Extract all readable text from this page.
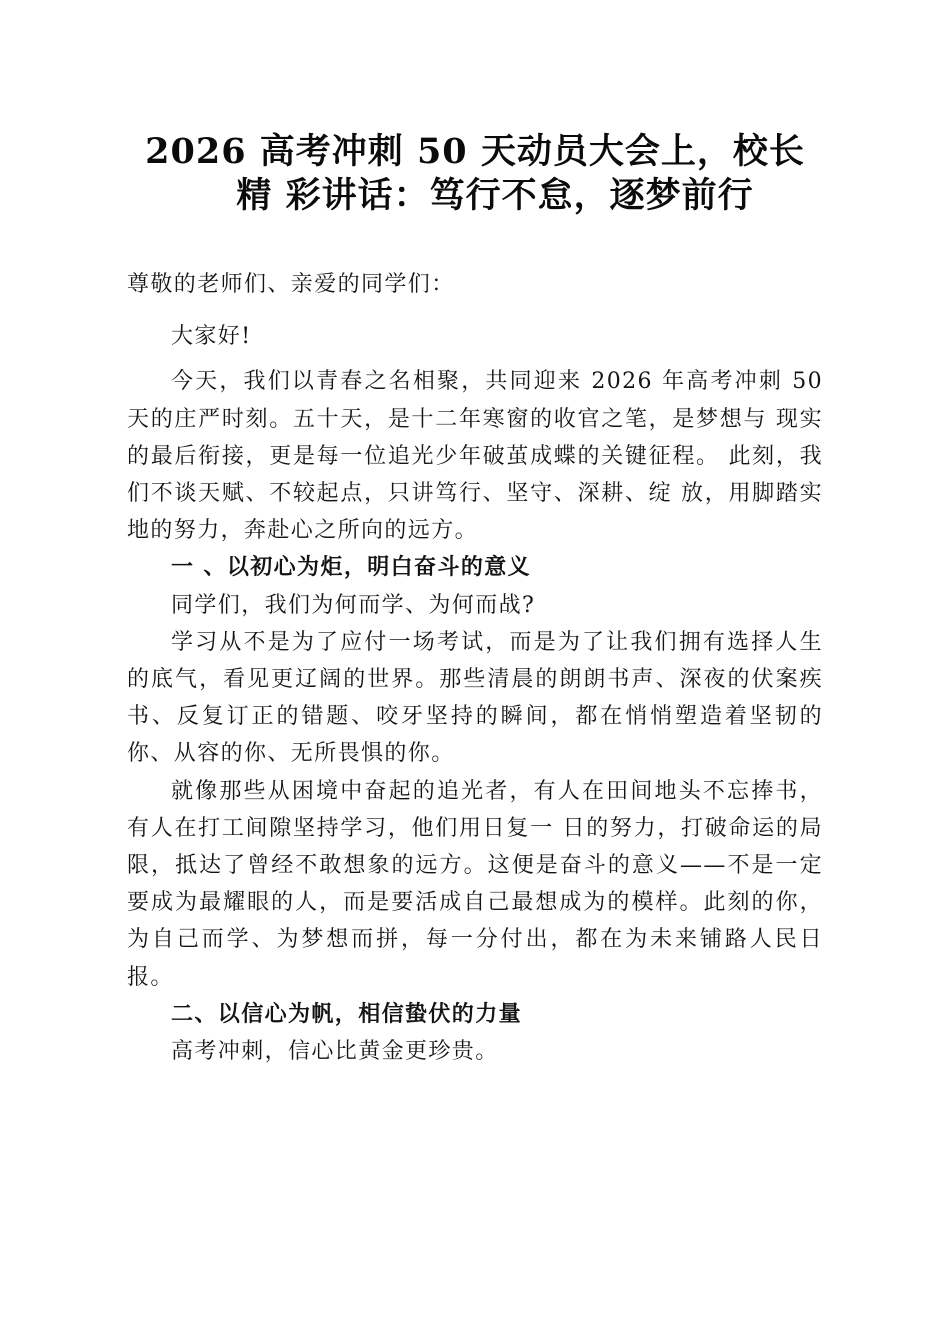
2026 高考冲刺 50 天动员大会上，校长
精 彩讲话：笃行不怠，逐梦前行

尊敬的老师们、亲爱的同学们：

大家好!

今天，我们以青春之名相聚，共同迎来 2026 年高考冲刺 50 天的庄严时刻。五十天，是十二年寒窗的收官之笔，是梦想与 现实的最后衔接，更是每一位追光少年破茧成蝶的关键征程。 此刻，我们不谈天赋、不较起点，只讲笃行、坚守、深耕、绽 放，用脚踏实地的努力，奔赴心之所向的远方。

一 、以初心为炬，明白奋斗的意义

同学们，我们为何而学、为何而战?

学习从不是为了应付一场考试，而是为了让我们拥有选择人生的底气，看见更辽阔的世界。那些清晨的朗朗书声、深夜的伏案疾书、反复订正的错题、咬牙坚持的瞬间，都在悄悄塑造着坚韧的你、从容的你、无所畏惧的你。

就像那些从困境中奋起的追光者，有人在田间地头不忘捧书，有人在打工间隙坚持学习，他们用日复一 日的努力，打破命运的局限，抵达了曾经不敢想象的远方。这便是奋斗的意义——不是一定要成为最耀眼的人，而是要活成自己最想成为的模样。此刻的你，为自己而学、为梦想而拼，每一分付出，都在为未来铺路人民日报。

二、以信心为帆，相信蛰伏的力量

高考冲刺，信心比黄金更珍贵。
